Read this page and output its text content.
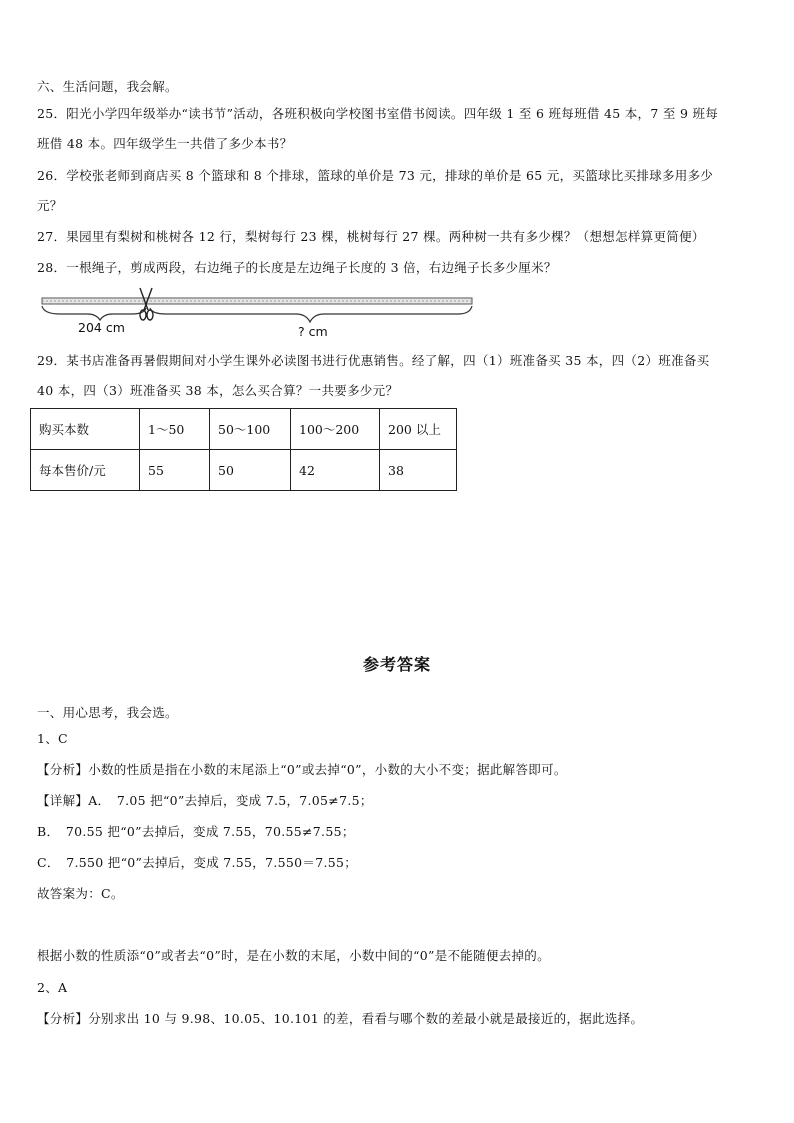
六、生活问题，我会解。
25．阳光小学四年级举办“读书节”活动，各班积极向学校图书室借书阅读。四年级 1 至 6 班每班借 45 本，7 至 9 班每
班借 48 本。四年级学生一共借了多少本书？
26．学校张老师到商店买 8 个篮球和 8 个排球，篮球的单价是 73 元，排球的单价是 65 元，买篮球比买排球多用多少
元？
27．果园里有梨树和桃树各 12 行，梨树每行 23 棵，桃树每行 27 棵。两种树一共有多少棵？（想想怎样算更简便）
28．一根绳子，剪成两段，右边绳子的长度是左边绳子长度的 3 倍，右边绳子长多少厘米？
204 cm	? cm
29．某书店准备再暑假期间对小学生课外必读图书进行优惠销售。经了解，四（1）班准备买 35 本，四（2）班准备买
40 本，四（3）班准备买 38 本，怎么买合算？一共要多少元？
购买本数	1～50	50～100	100～200	200 以上
每本售价/元	55	50	42	38
参考答案
一、用心思考，我会选。
1、C
【分析】小数的性质是指在小数的末尾添上“0”或去掉“0”，小数的大小不变；据此解答即可。
【详解】A．　7.05 把“0”去掉后，变成 7.5，7.05≠7.5；
B．　70.55 把“0”去掉后，变成 7.55，70.55≠7.55；
C．　7.550 把“0”去掉后，变成 7.55，7.550＝7.55；
故答案为：C。
根据小数的性质添“0”或者去“0”时，是在小数的末尾，小数中间的“0”是不能随便去掉的。
2、A
【分析】分别求出 10 与 9.98、10.05、10.101 的差，看看与哪个数的差最小就是最接近的，据此选择。
